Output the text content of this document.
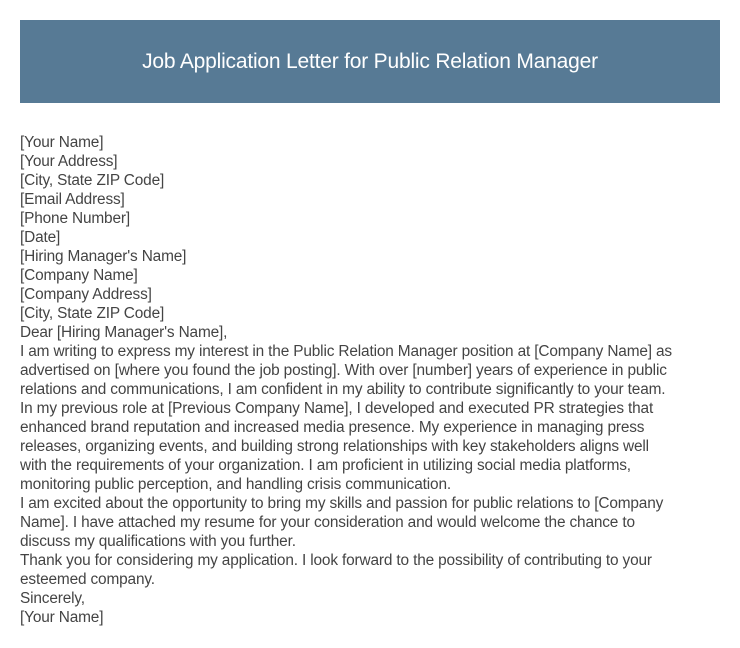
Job Application Letter for Public Relation Manager
[Your Name]
[Your Address]
[City, State ZIP Code]
[Email Address]
[Phone Number]
[Date]
[Hiring Manager's Name]
[Company Name]
[Company Address]
[City, State ZIP Code]
Dear [Hiring Manager's Name],
I am writing to express my interest in the Public Relation Manager position at [Company Name] as
advertised on [where you found the job posting]. With over [number] years of experience in public
relations and communications, I am confident in my ability to contribute significantly to your team.
In my previous role at [Previous Company Name], I developed and executed PR strategies that
enhanced brand reputation and increased media presence. My experience in managing press
releases, organizing events, and building strong relationships with key stakeholders aligns well
with the requirements of your organization. I am proficient in utilizing social media platforms,
monitoring public perception, and handling crisis communication.
I am excited about the opportunity to bring my skills and passion for public relations to [Company
Name]. I have attached my resume for your consideration and would welcome the chance to
discuss my qualifications with you further.
Thank you for considering my application. I look forward to the possibility of contributing to your
esteemed company.
Sincerely,
[Your Name]
